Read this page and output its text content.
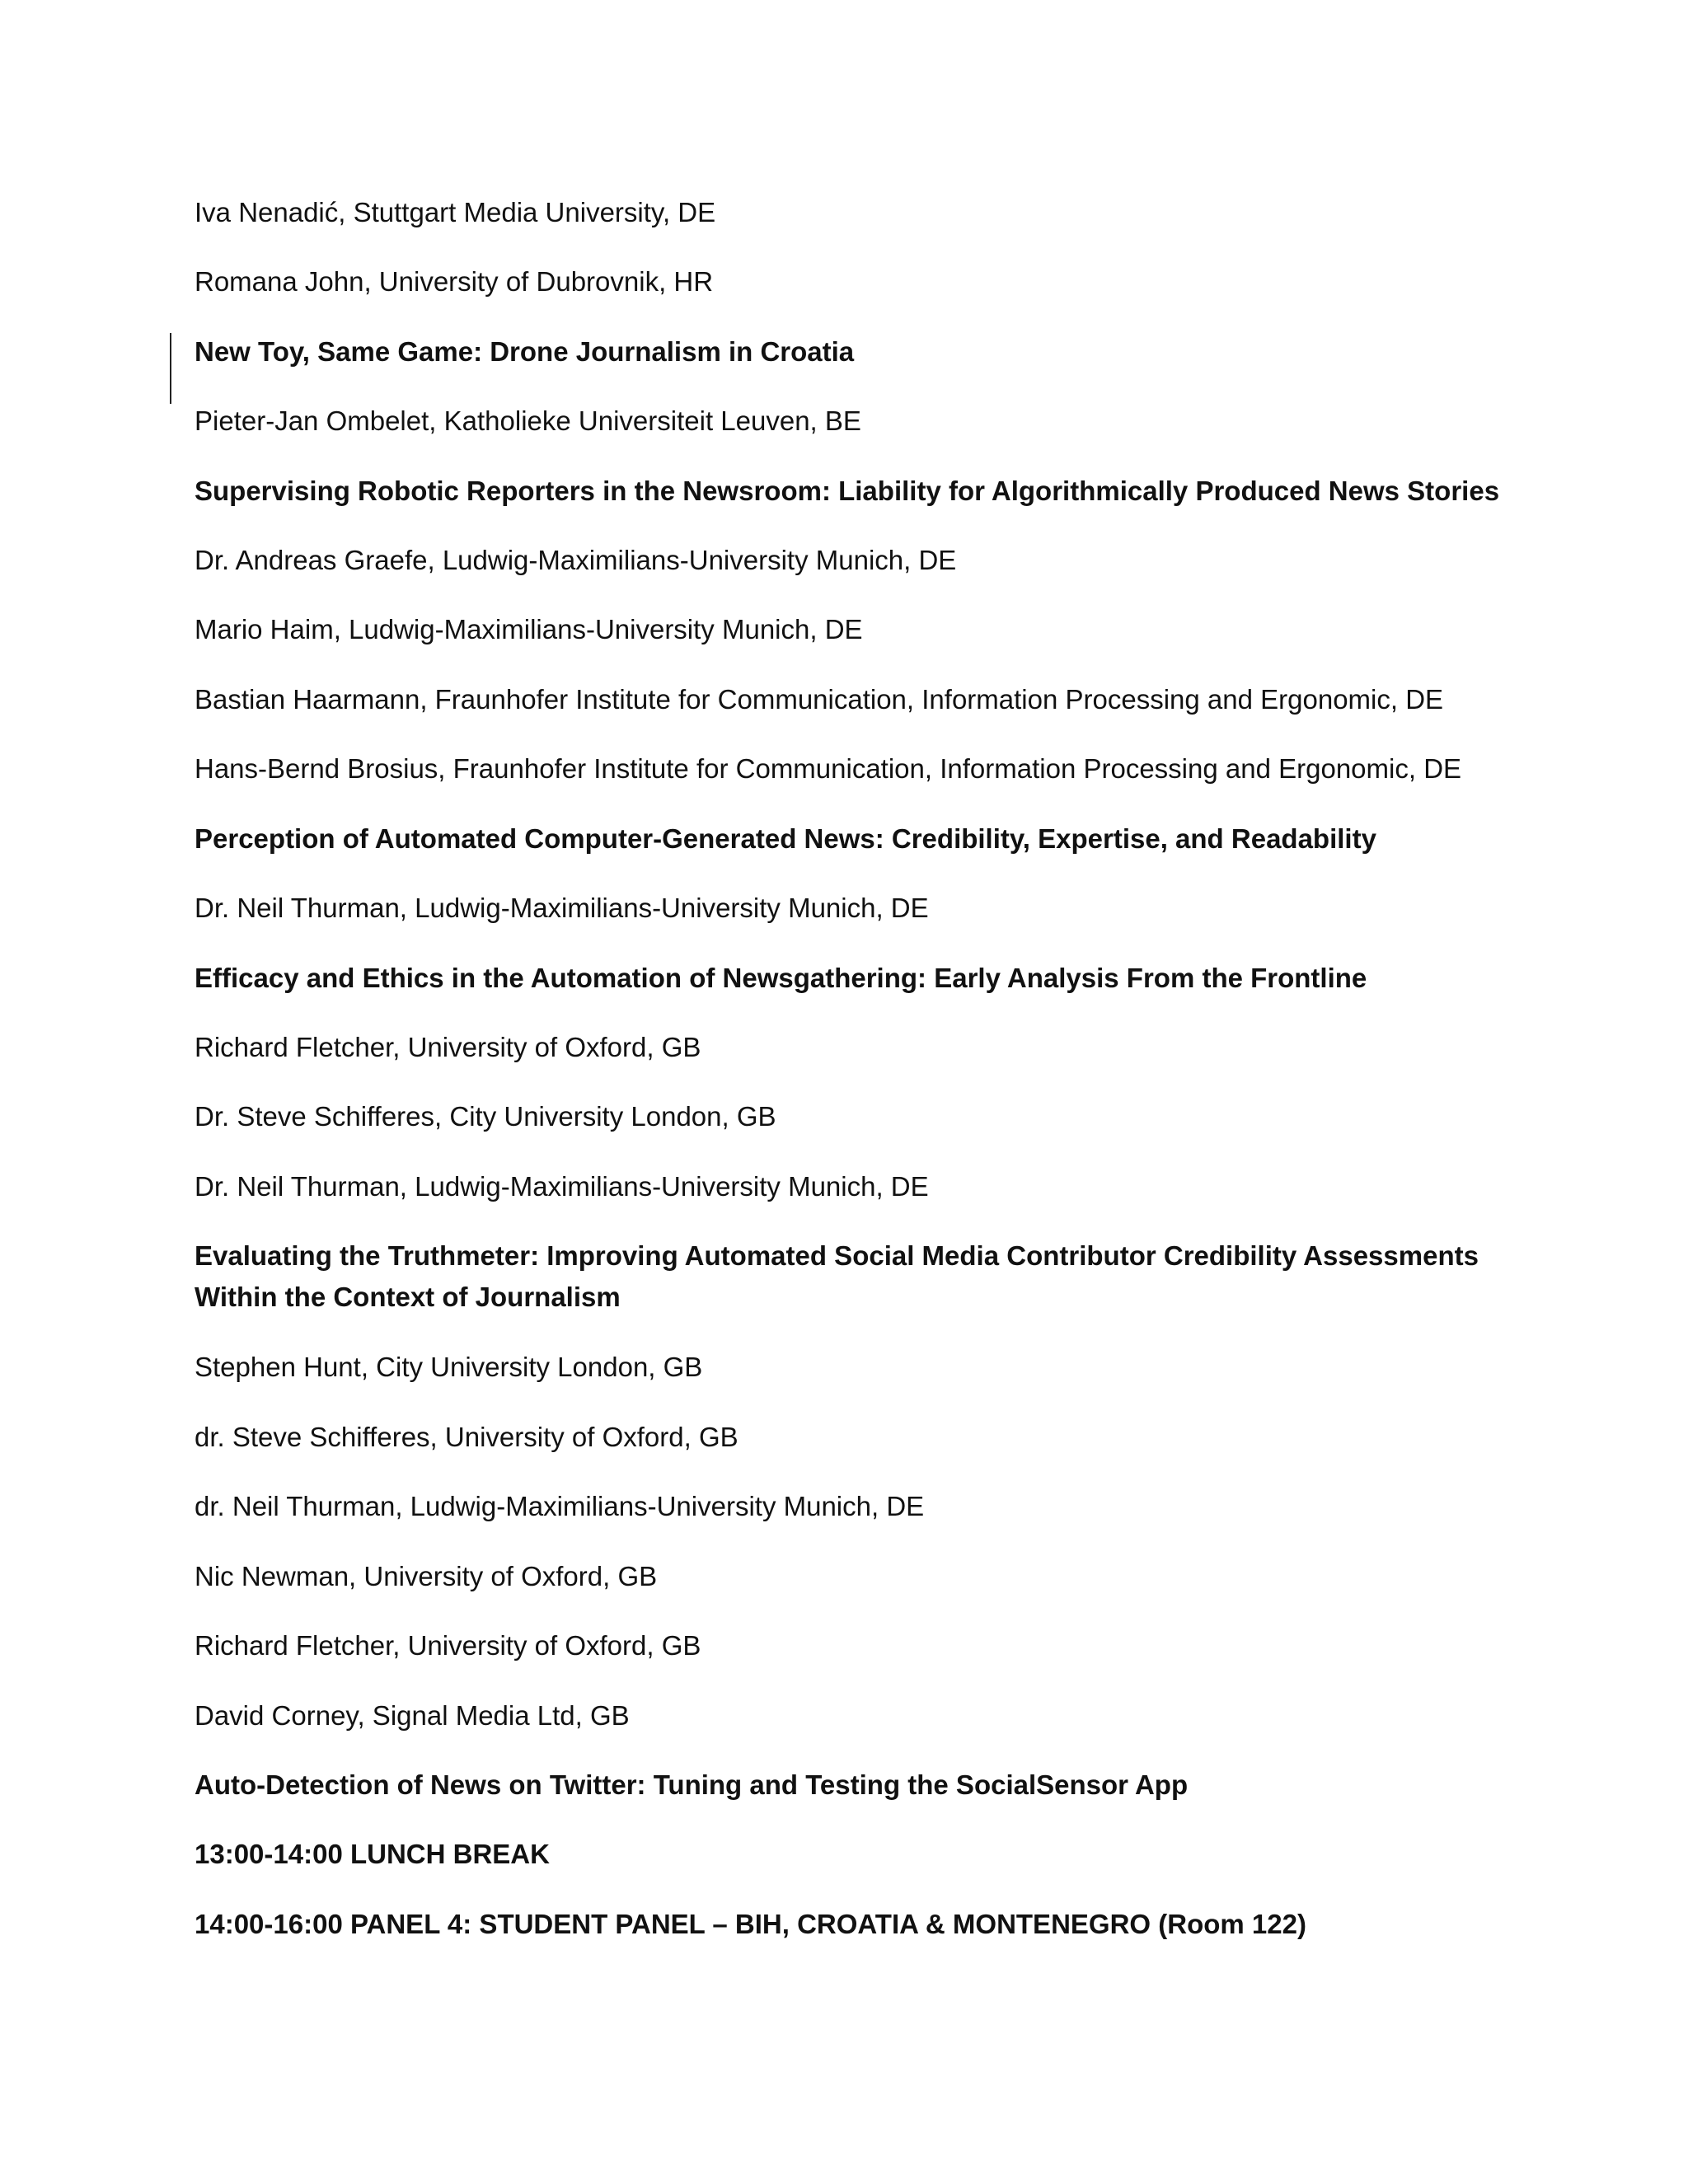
Iva Nenadić, Stuttgart Media University, DE
Romana John, University of Dubrovnik, HR
New Toy, Same Game: Drone Journalism in Croatia
Pieter-Jan Ombelet, Katholieke Universiteit Leuven, BE
Supervising Robotic Reporters in the Newsroom: Liability for Algorithmically Produced News Stories
Dr. Andreas Graefe, Ludwig-Maximilians-University Munich, DE
Mario Haim, Ludwig-Maximilians-University Munich, DE
Bastian Haarmann, Fraunhofer Institute for Communication, Information Processing and Ergonomic, DE
Hans-Bernd Brosius, Fraunhofer Institute for Communication, Information Processing and Ergonomic, DE
Perception of Automated Computer-Generated News: Credibility, Expertise, and Readability
Dr. Neil Thurman, Ludwig-Maximilians-University Munich, DE
Efficacy and Ethics in the Automation of Newsgathering: Early Analysis From the Frontline
Richard Fletcher, University of Oxford, GB
Dr. Steve Schifferes, City University London, GB
Dr. Neil Thurman, Ludwig-Maximilians-University Munich, DE
Evaluating the Truthmeter: Improving Automated Social Media Contributor Credibility Assessments Within the Context of Journalism
Stephen Hunt, City University London, GB
dr. Steve Schifferes, University of Oxford, GB
dr. Neil Thurman, Ludwig-Maximilians-University Munich, DE
Nic Newman, University of Oxford, GB
Richard Fletcher, University of Oxford, GB
David Corney, Signal Media Ltd, GB
Auto-Detection of News on Twitter: Tuning and Testing the SocialSensor App
13:00-14:00 LUNCH BREAK
14:00-16:00 PANEL 4: STUDENT PANEL – BIH, CROATIA & MONTENEGRO (Room 122)
